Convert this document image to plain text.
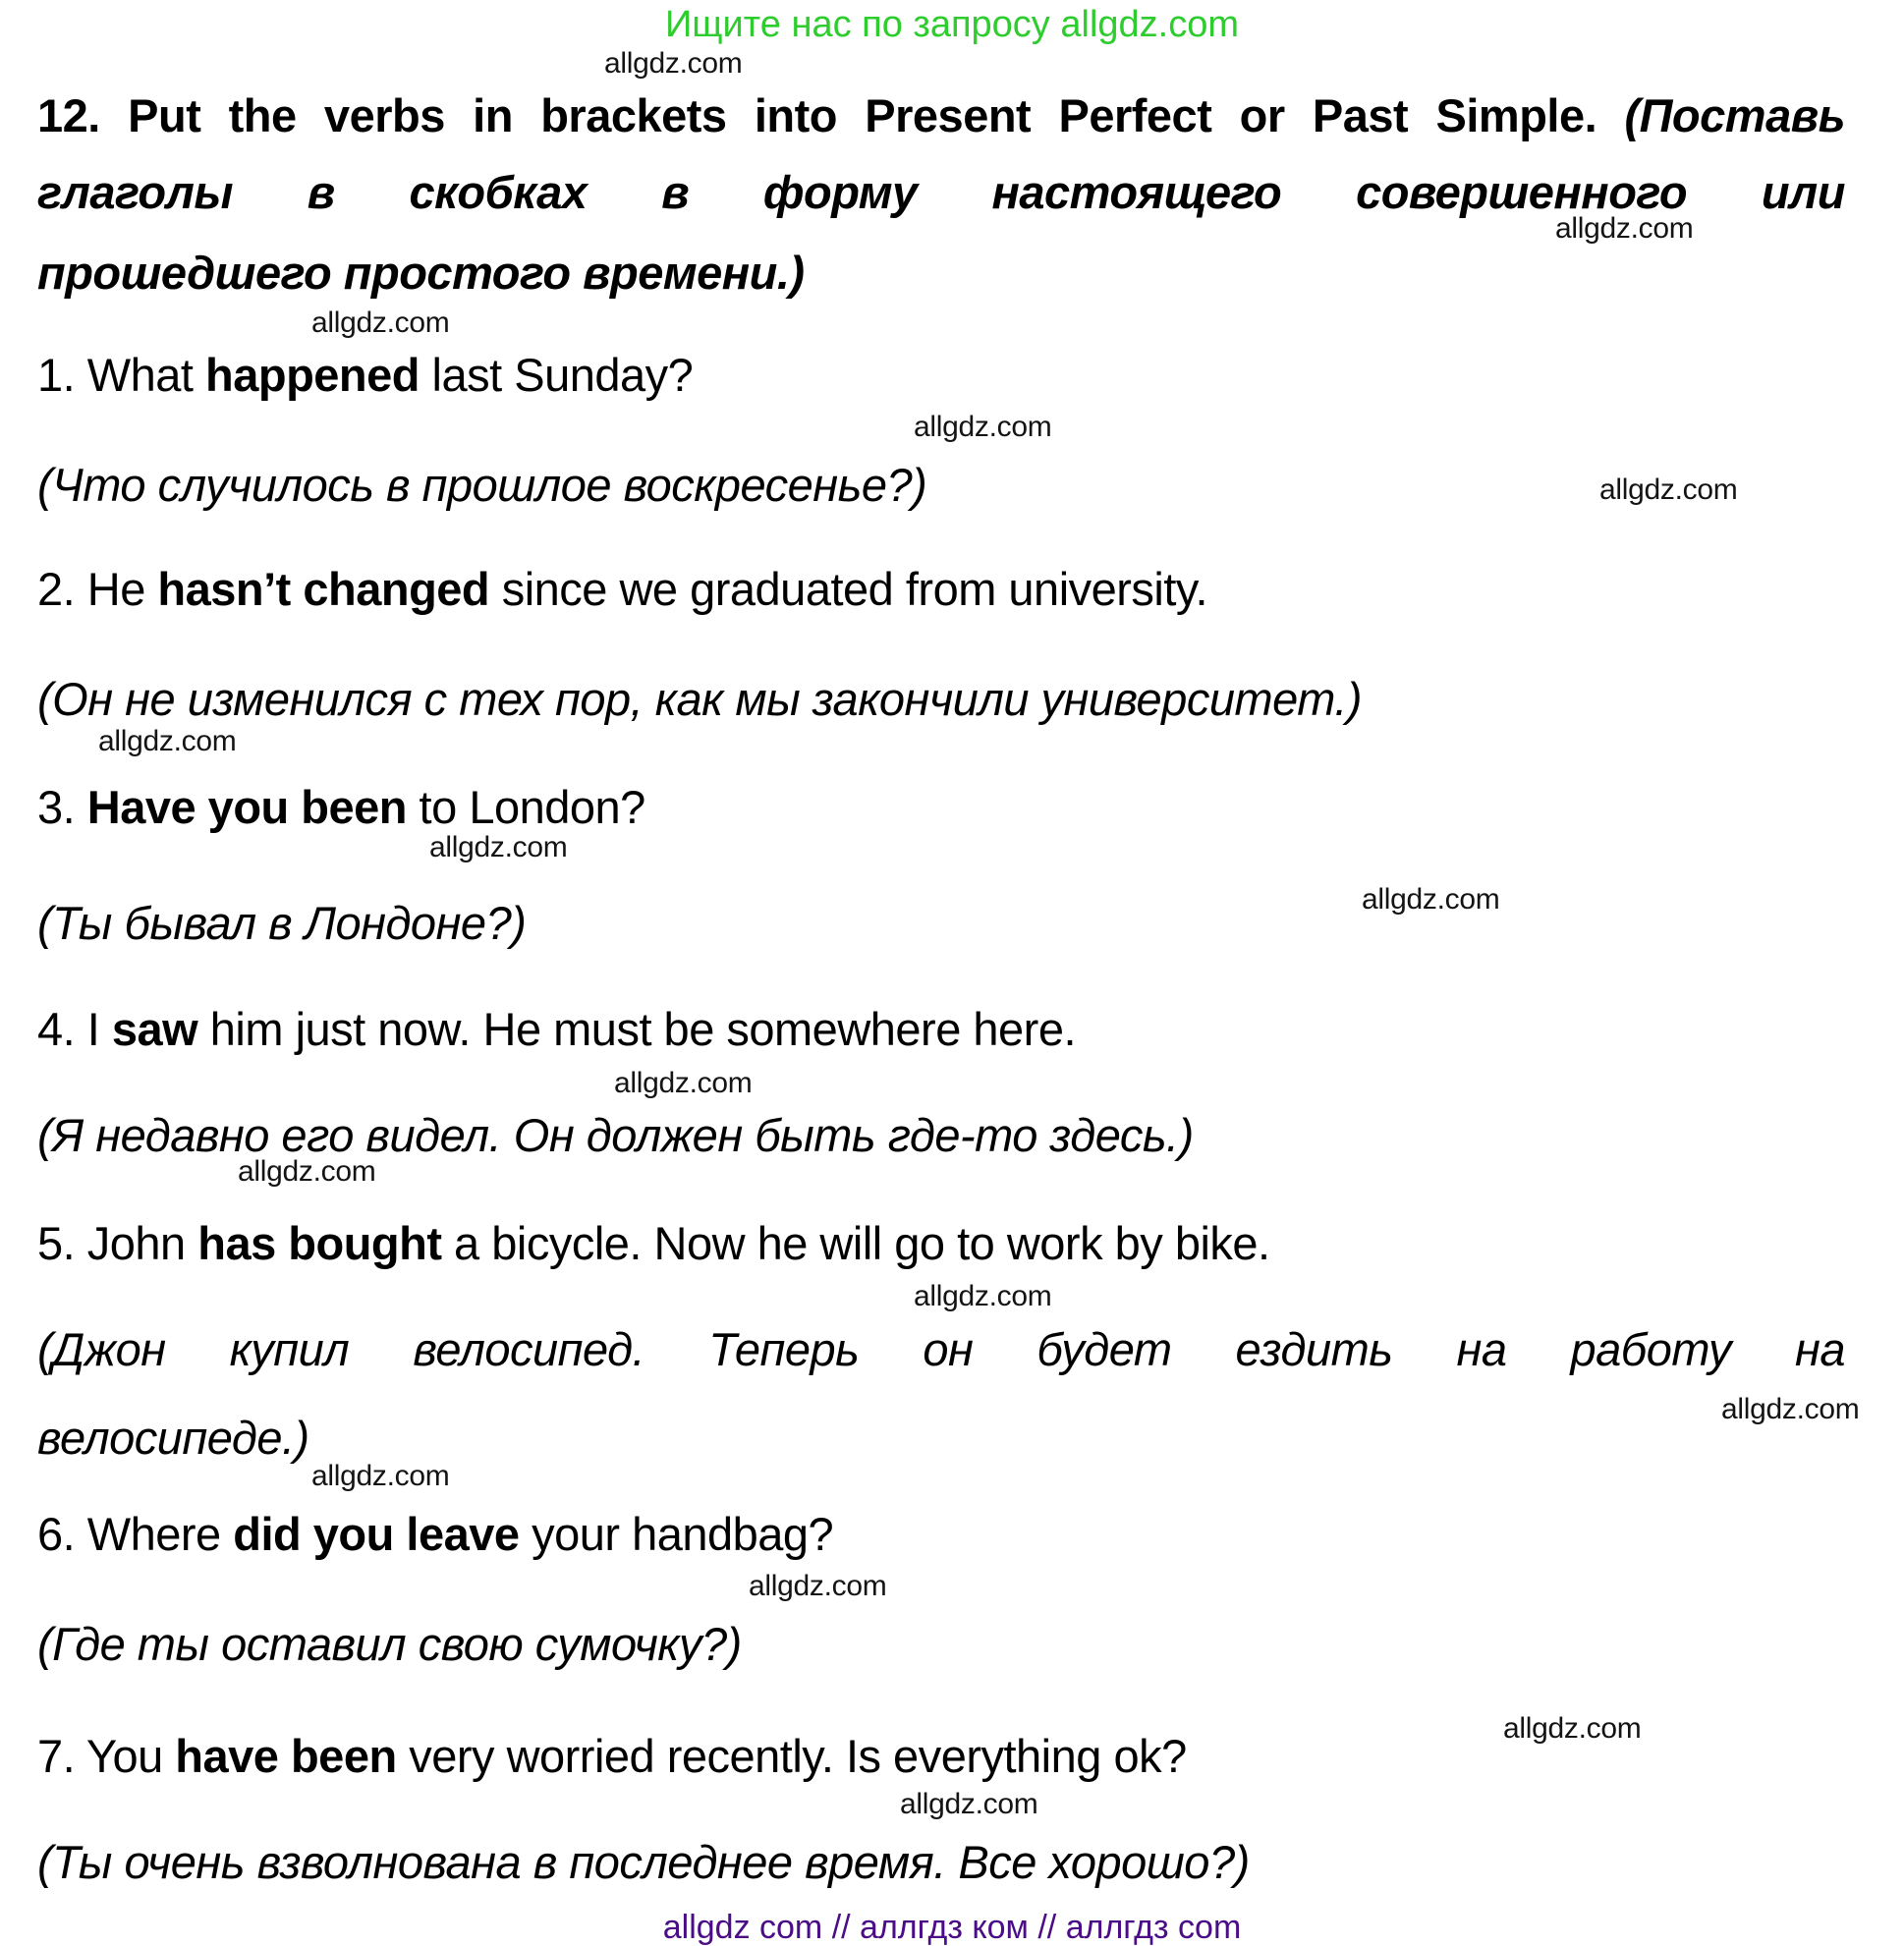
Ищите нас по запросу allgdz.com
allgdz.com
12. Put the verbs in brackets into Present Perfect or Past Simple. (Поставь
allgdz.com
глаголы в скобках в форму настоящего совершенного или
прошедшего простого времени.)
allgdz.com
1. What happened last Sunday?
allgdz.com
(Что случилось в прошлое воскресенье?)	allgdz.com
2. He hasn’t changed since we graduated from university.
(Он не изменился с тех пор, как мы закончили университет.)
allgdz.com
3. Have you been to London?
allgdz.com
allgdz.com
(Ты бывал в Лондоне?)
4. I saw him just now. He must be somewhere here.
allgdz.com
(Я недавно его видел. Он должен быть где-то здесь.)
allgdz.com
5. John has bought a bicycle. Now he will go to work by bike.
allgdz.com
(Джон купил велосипед. Теперь он будет ездить на работу на
allgdz.com
велосипеде.)
allgdz.com
6. Where did you leave your handbag?
allgdz.com
(Где ты оставил свою сумочку?)
allgdz.com
7. You have been very worried recently. Is everything ok?
allgdz.com
(Ты очень взволнована в последнее время. Все хорошо?)
allgdz com // аллгдз ком // аллгдз com
